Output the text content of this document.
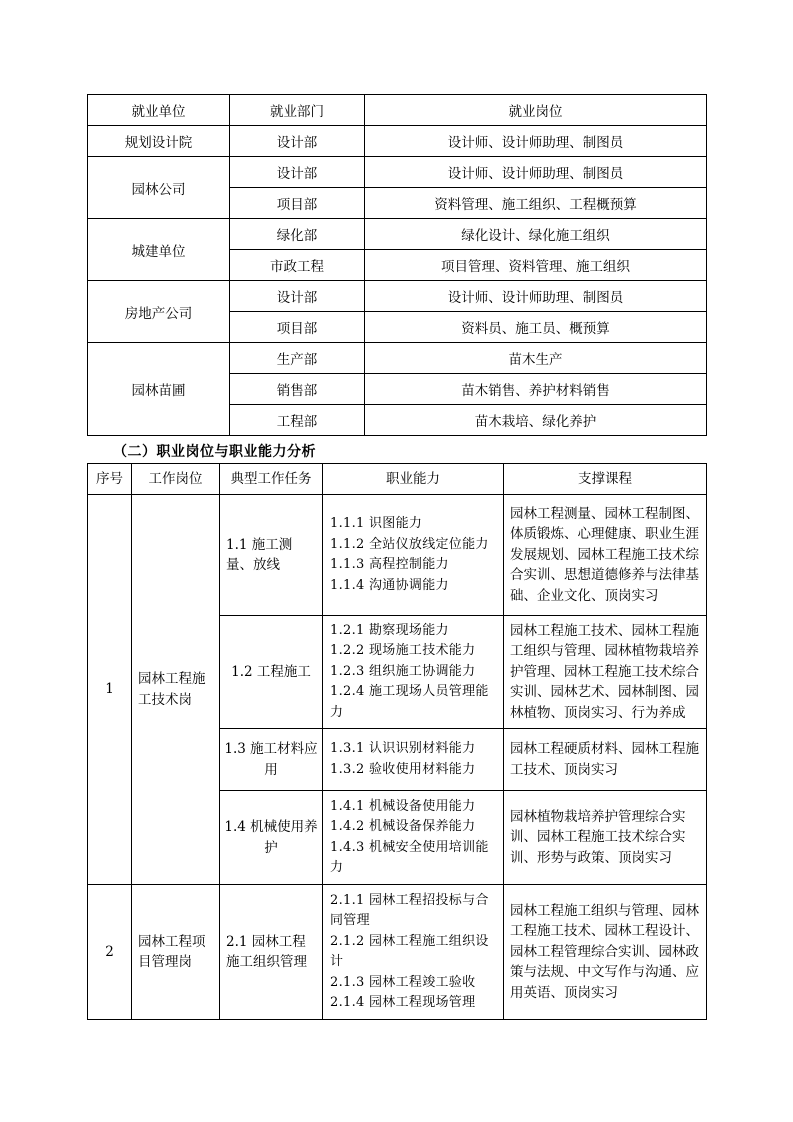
就业单位	就业部门	就业岗位
规划设计院	设计部	设计师、设计师助理、制图员
园林公司	设计部	设计师、设计师助理、制图员
	项目部	资料管理、施工组织、工程概预算
城建单位	绿化部	绿化设计、绿化施工组织
	市政工程	项目管理、资料管理、施工组织
房地产公司	设计部	设计师、设计师助理、制图员
	项目部	资料员、施工员、概预算
园林苗圃	生产部	苗木生产
	销售部	苗木销售、养护材料销售
	工程部	苗木栽培、绿化养护
（二）职业岗位与职业能力分析
序号	工作岗位	典型工作任务	职业能力	支撑课程
1	园林工程施工技术岗	1.1 施工测量、放线	1.1.1 识图能力
1.1.2 全站仪放线定位能力
1.1.3 高程控制能力
1.1.4 沟通协调能力	园林工程测量、园林工程制图、体质锻炼、心理健康、职业生涯发展规划、园林工程施工技术综合实训、思想道德修养与法律基础、企业文化、顶岗实习
		1.2 工程施工	1.2.1 勘察现场能力
1.2.2 现场施工技术能力
1.2.3 组织施工协调能力
1.2.4 施工现场人员管理能力	园林工程施工技术、园林工程施工组织与管理、园林植物栽培养护管理、园林工程施工技术综合实训、园林艺术、园林制图、园林植物、顶岗实习、行为养成
		1.3 施工材料应用	1.3.1 认识识别材料能力
1.3.2 验收使用材料能力	园林工程硬质材料、园林工程施工技术、顶岗实习
		1.4 机械使用养护	1.4.1 机械设备使用能力
1.4.2 机械设备保养能力
1.4.3 机械安全使用培训能力	园林植物栽培养护管理综合实训、园林工程施工技术综合实训、形势与政策、顶岗实习
2	园林工程项目管理岗	2.1 园林工程施工组织管理	2.1.1 园林工程招投标与合同管理
2.1.2 园林工程施工组织设计
2.1.3 园林工程竣工验收
2.1.4 园林工程现场管理	园林工程施工组织与管理、园林工程施工技术、园林工程设计、园林工程管理综合实训、园林政策与法规、中文写作与沟通、应用英语、顶岗实习
